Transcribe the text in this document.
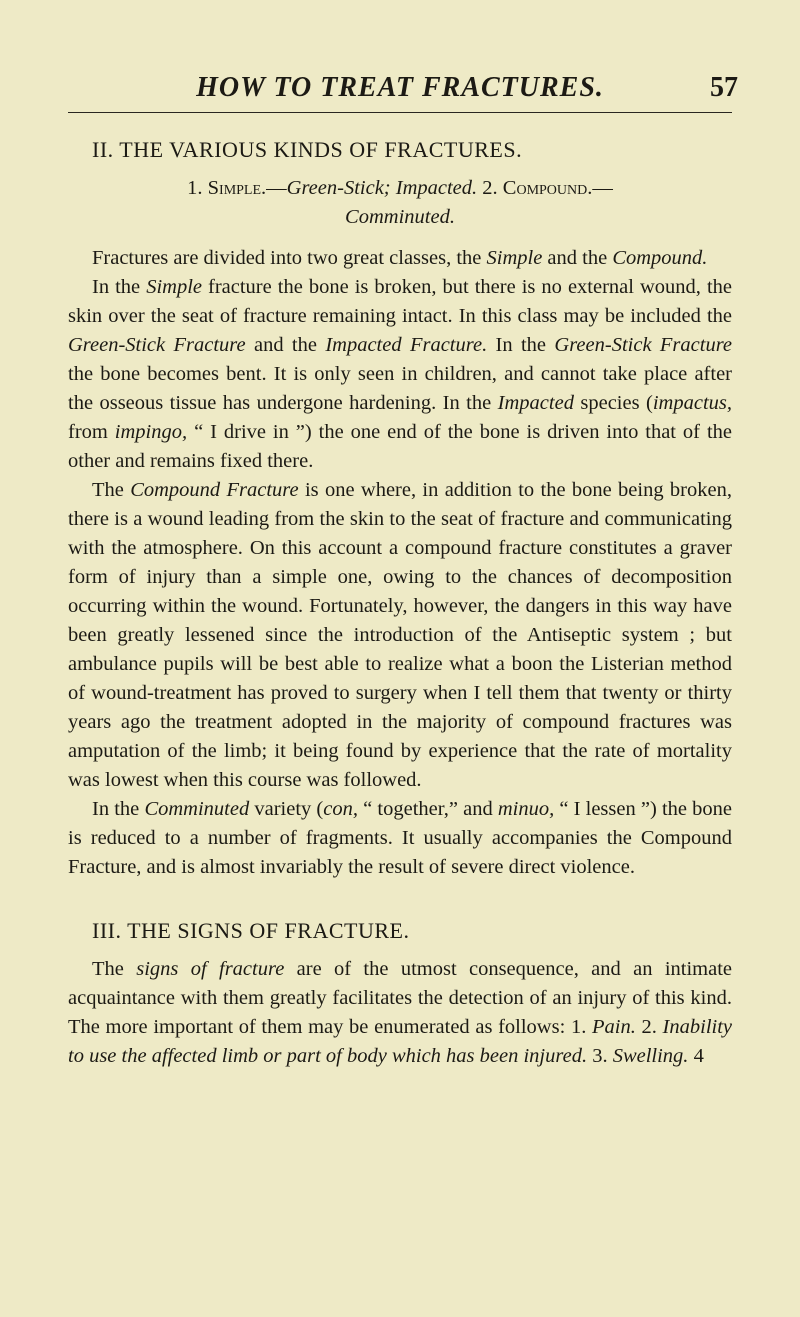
HOW TO TREAT FRACTURES.	57
II. THE VARIOUS KINDS OF FRACTURES.
1. Simple.—Green-Stick; Impacted. 2. Compound.—
Comminuted.

Fractures are divided into two great classes, the Simple and the Compound.

In the Simple fracture the bone is broken, but there is no external wound, the skin over the seat of fracture remaining intact. In this class may be included the Green-Stick Fracture and the Impacted Fracture. In the Green-Stick Fracture the bone becomes bent. It is only seen in children, and cannot take place after the osseous tissue has undergone hardening. In the Impacted species (impactus, from impingo, “ I drive in ”) the one end of the bone is driven into that of the other and remains fixed there.

The Compound Fracture is one where, in addition to the bone being broken, there is a wound leading from the skin to the seat of fracture and communicating with the atmosphere. On this account a compound fracture constitutes a graver form of injury than a simple one, owing to the chances of decomposition occurring within the wound. Fortunately, however, the dangers in this way have been greatly lessened since the introduction of the Antiseptic system ; but ambulance pupils will be best able to realize what a boon the Listerian method of wound-treatment has proved to surgery when I tell them that twenty or thirty years ago the treatment adopted in the majority of compound fractures was amputation of the limb; it being found by experience that the rate of mortality was lowest when this course was followed.

In the Comminuted variety (con, “ together,” and minuo, “ I lessen ”) the bone is reduced to a number of fragments. It usually accompanies the Compound Fracture, and is almost invariably the result of severe direct violence.

III. THE SIGNS OF FRACTURE.

The signs of fracture are of the utmost consequence, and an intimate acquaintance with them greatly facilitates the detection of an injury of this kind. The more important of them may be enumerated as follows: 1. Pain. 2. Inability to use the affected limb or part of body which has been injured. 3. Swelling. 4
